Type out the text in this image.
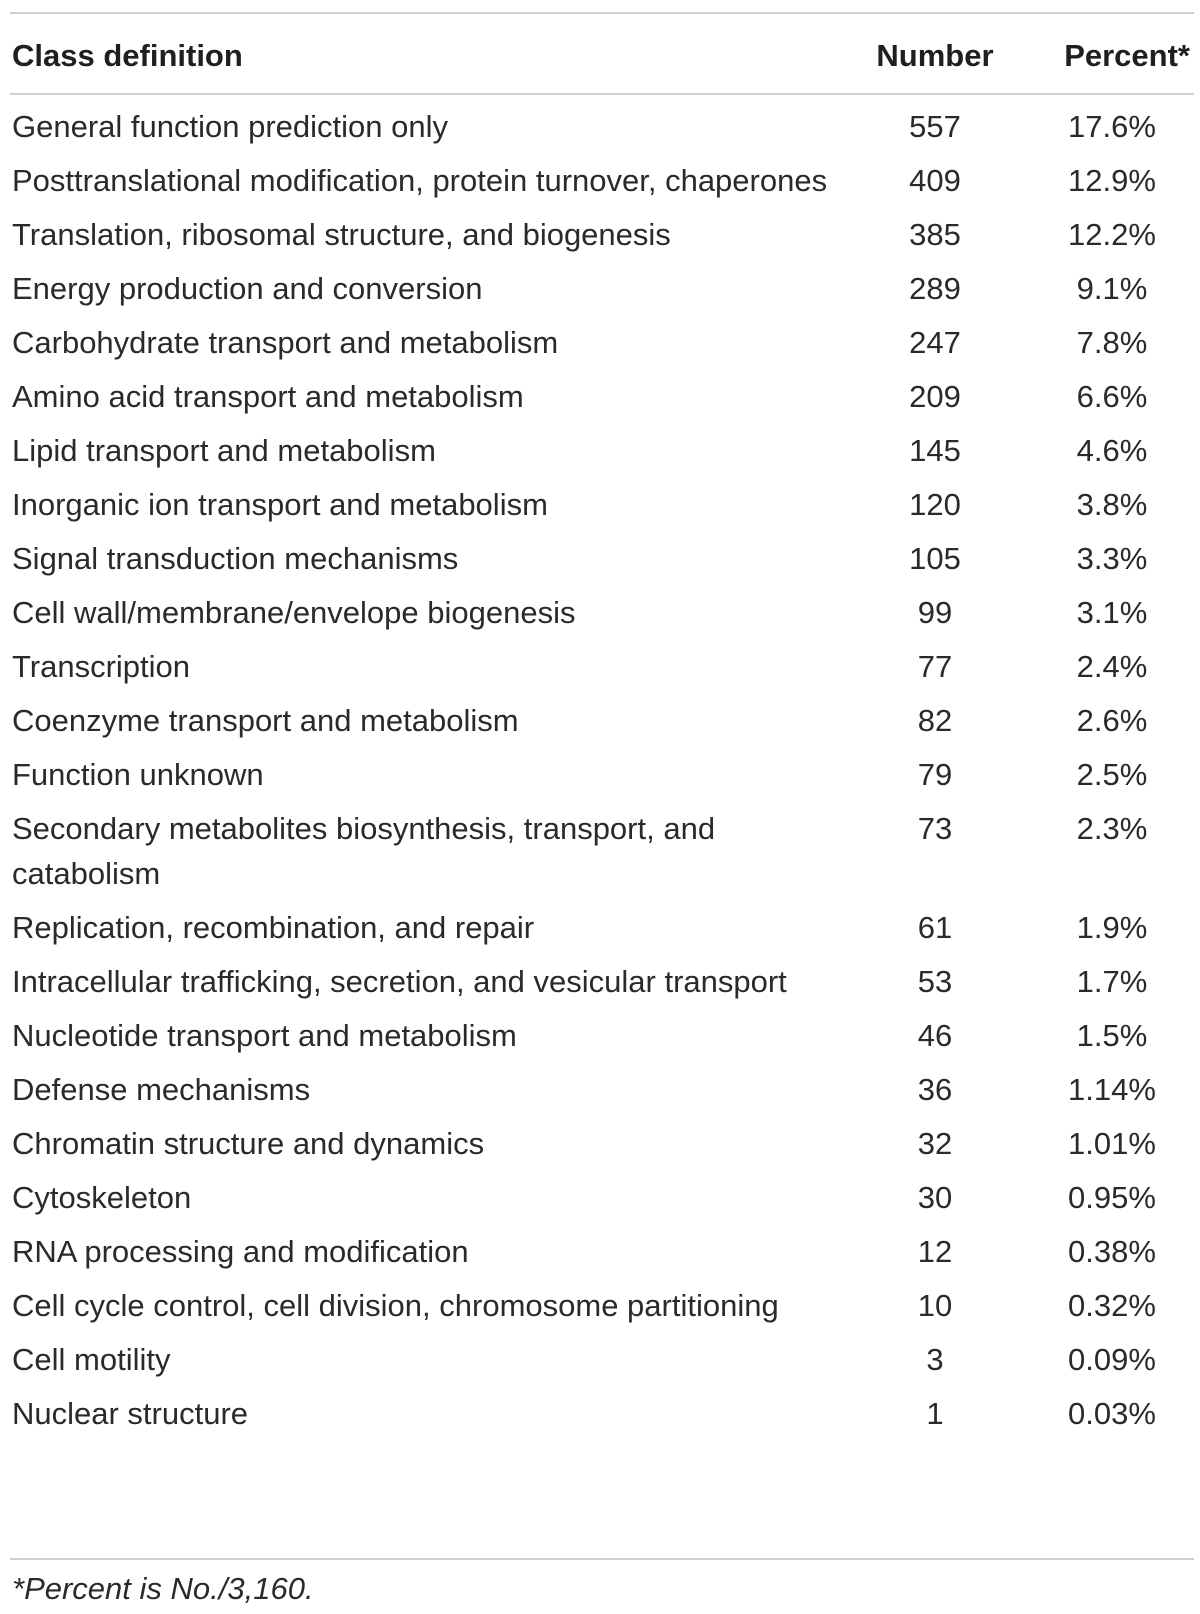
Class definition	Number	Percent*
General function prediction only	557	17.6%
Posttranslational modification, protein turnover, chaperones	409	12.9%
Translation, ribosomal structure, and biogenesis	385	12.2%
Energy production and conversion	289	9.1%
Carbohydrate transport and metabolism	247	7.8%
Amino acid transport and metabolism	209	6.6%
Lipid transport and metabolism	145	4.6%
Inorganic ion transport and metabolism	120	3.8%
Signal transduction mechanisms	105	3.3%
Cell wall/membrane/envelope biogenesis	99	3.1%
Transcription	77	2.4%
Coenzyme transport and metabolism	82	2.6%
Function unknown	79	2.5%
Secondary metabolites biosynthesis, transport, and catabolism	73	2.3%
Replication, recombination, and repair	61	1.9%
Intracellular trafficking, secretion, and vesicular transport	53	1.7%
Nucleotide transport and metabolism	46	1.5%
Defense mechanisms	36	1.14%
Chromatin structure and dynamics	32	1.01%
Cytoskeleton	30	0.95%
RNA processing and modification	12	0.38%
Cell cycle control, cell division, chromosome partitioning	10	0.32%
Cell motility	3	0.09%
Nuclear structure	1	0.03%
*Percent is No./3,160.
